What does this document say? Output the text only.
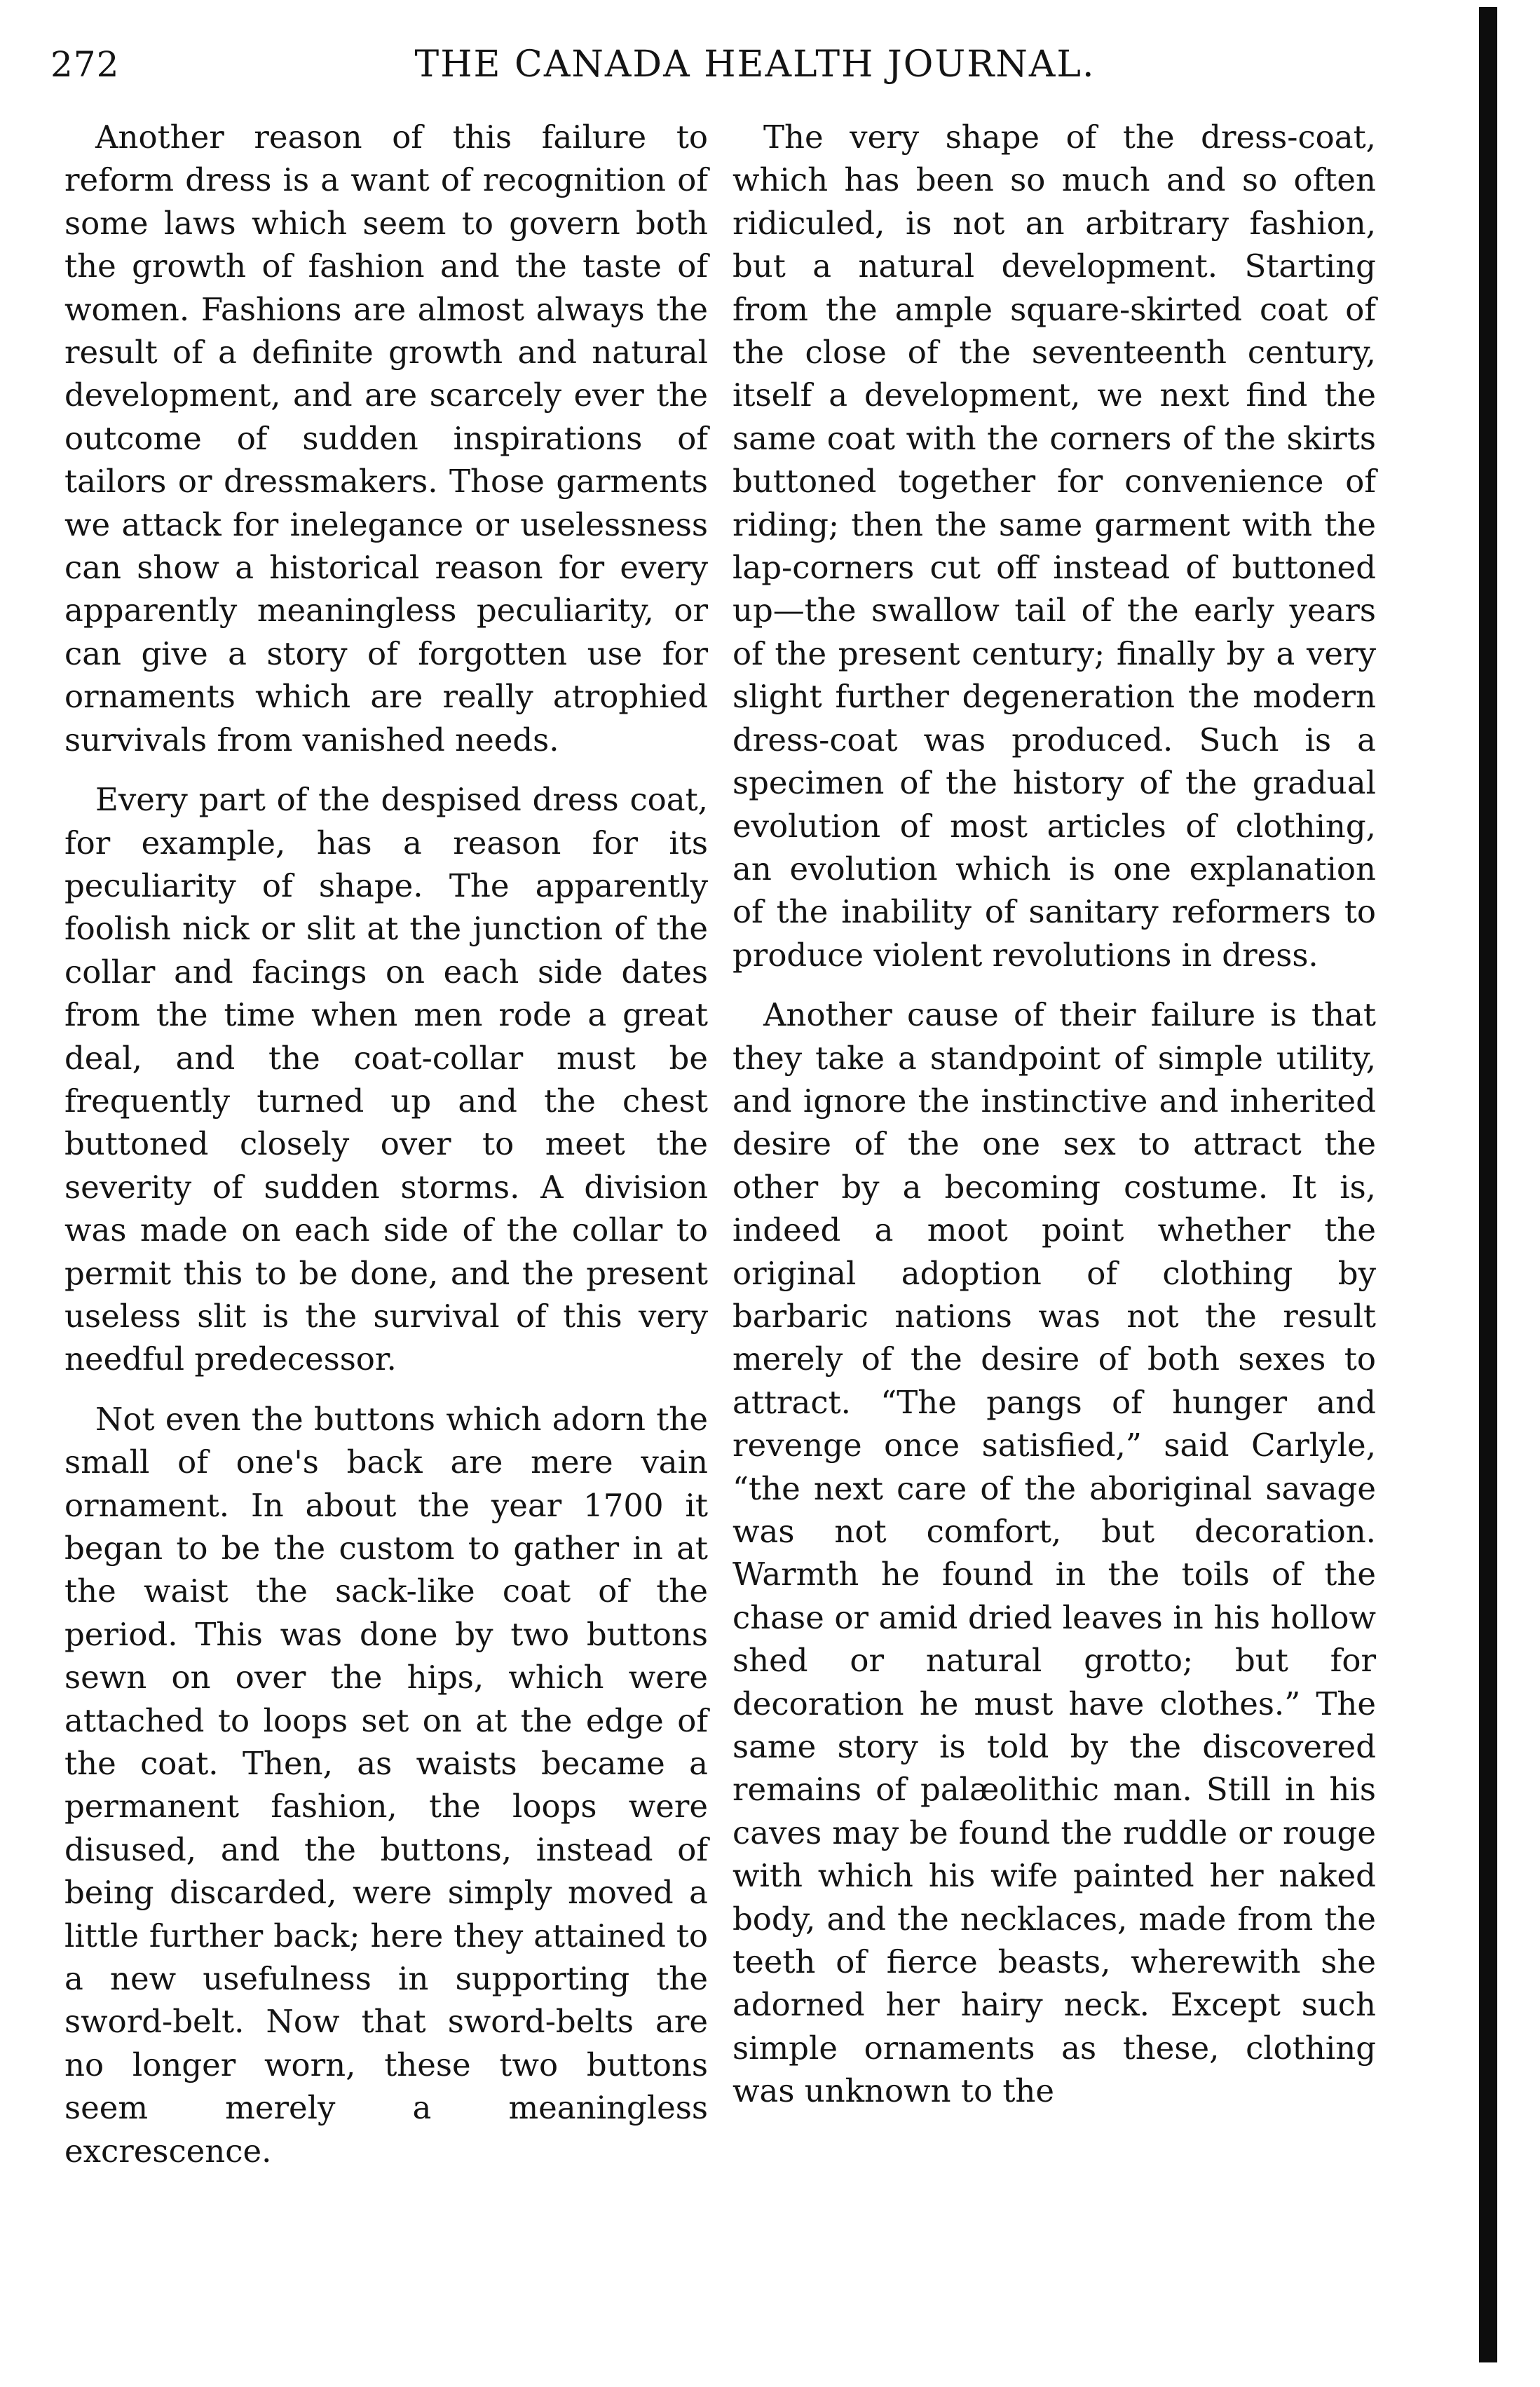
272	THE CANADA HEALTH JOURNAL.

Another reason of this failure to reform dress is a want of recognition of some laws which seem to govern both the growth of fashion and the taste of women. Fashions are almost always the result of a definite growth and natural development, and are scarcely ever the outcome of sudden inspirations of tailors or dressmakers. Those garments we attack for inelegance or uselessness can show a historical reason for every apparently meaningless peculiarity, or can give a story of forgotten use for ornaments which are really atrophied survivals from vanished needs.

Every part of the despised dress coat, for example, has a reason for its peculiarity of shape. The apparently foolish nick or slit at the junction of the collar and facings on each side dates from the time when men rode a great deal, and the coat-collar must be frequently turned up and the chest buttoned closely over to meet the severity of sudden storms. A division was made on each side of the collar to permit this to be done, and the present useless slit is the survival of this very needful predecessor.

Not even the buttons which adorn the small of one's back are mere vain ornament. In about the year 1700 it began to be the custom to gather in at the waist the sack-like coat of the period. This was done by two buttons sewn on over the hips, which were attached to loops set on at the edge of the coat. Then, as waists became a permanent fashion, the loops were disused, and the buttons, instead of being discarded, were simply moved a little further back; here they attained to a new usefulness in supporting the sword-belt. Now that sword-belts are no longer worn, these two buttons seem merely a meaningless excrescence.

The very shape of the dress-coat, which has been so much and so often ridiculed, is not an arbitrary fashion, but a natural development. Starting from the ample square-skirted coat of the close of the seventeenth century, itself a development, we next find the same coat with the corners of the skirts buttoned together for convenience of riding; then the same garment with the lap-corners cut off instead of buttoned up—the swallow tail of the early years of the present century; finally by a very slight further degeneration the modern dress-coat was produced. Such is a specimen of the history of the gradual evolution of most articles of clothing, an evolution which is one explanation of the inability of sanitary reformers to produce violent revolutions in dress.

Another cause of their failure is that they take a standpoint of simple utility, and ignore the instinctive and inherited desire of the one sex to attract the other by a becoming costume. It is, indeed a moot point whether the original adoption of clothing by barbaric nations was not the result merely of the desire of both sexes to attract. “The pangs of hunger and revenge once satisfied,” said Carlyle, “the next care of the aboriginal savage was not comfort, but decoration. Warmth he found in the toils of the chase or amid dried leaves in his hollow shed or natural grotto; but for decoration he must have clothes.” The same story is told by the discovered remains of palæolithic man. Still in his caves may be found the ruddle or rouge with which his wife painted her naked body, and the necklaces, made from the teeth of fierce beasts, wherewith she adorned her hairy neck. Except such simple ornaments as these, clothing was unknown to the
